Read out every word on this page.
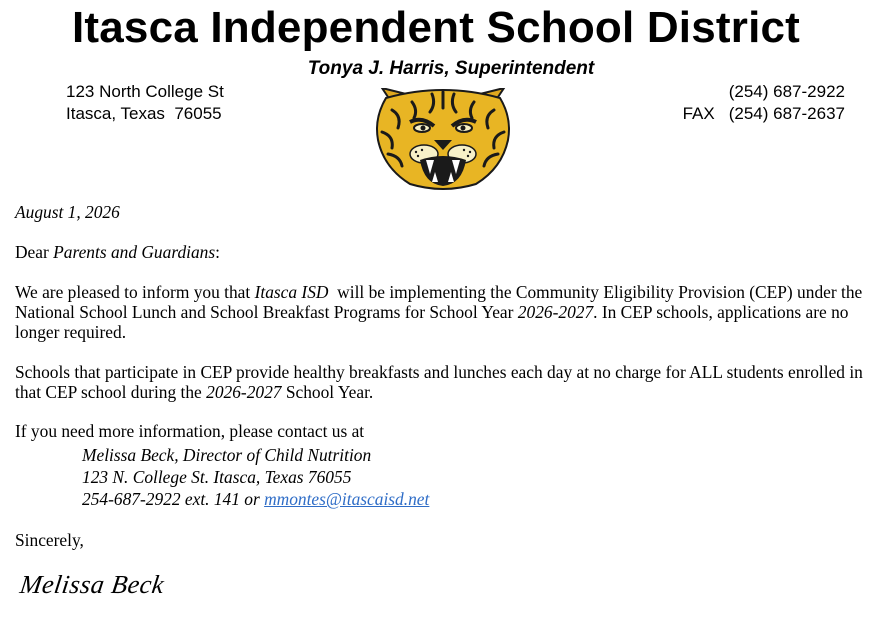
Itasca Independent School District
Tonya J. Harris, Superintendent
123 North College St
Itasca, Texas  76055
(254) 687-2922
FAX (254) 687-2637
August 1, 2026
Dear Parents and Guardians:
We are pleased to inform you that Itasca ISD  will be implementing the Community Eligibility Provision (CEP) under the National School Lunch and School Breakfast Programs for School Year 2026-2027. In CEP schools, applications are no longer required.
Schools that participate in CEP provide healthy breakfasts and lunches each day at no charge for ALL students enrolled in that CEP school during the 2026-2027 School Year.
If you need more information, please contact us at
Melissa Beck, Director of Child Nutrition
123 N. College St. Itasca, Texas 76055
254-687-2922 ext. 141 or mmontes@itascaisd.net
Sincerely,
Melissa Beck
